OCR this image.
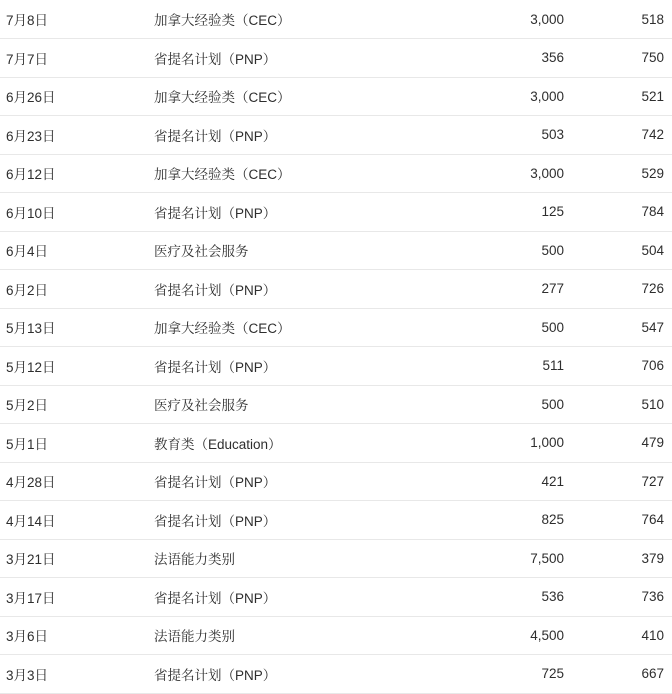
7月8日	加拿大经验类（CEC）	3,000	518
7月7日	省提名计划（PNP）	356	750
6月26日	加拿大经验类（CEC）	3,000	521
6月23日	省提名计划（PNP）	503	742
6月12日	加拿大经验类（CEC）	3,000	529
6月10日	省提名计划（PNP）	125	784
6月4日	医疗及社会服务	500	504
6月2日	省提名计划（PNP）	277	726
5月13日	加拿大经验类（CEC）	500	547
5月12日	省提名计划（PNP）	511	706
5月2日	医疗及社会服务	500	510
5月1日	教育类（Education）	1,000	479
4月28日	省提名计划（PNP）	421	727
4月14日	省提名计划（PNP）	825	764
3月21日	法语能力类别	7,500	379
3月17日	省提名计划（PNP）	536	736
3月6日	法语能力类别	4,500	410
3月3日	省提名计划（PNP）	725	667
